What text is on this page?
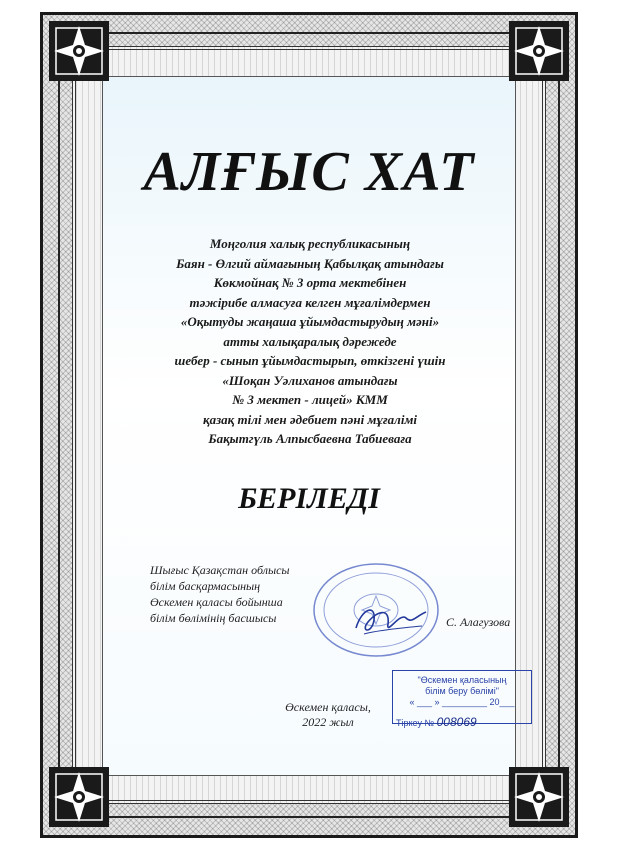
АЛҒЫС ХАТ
Моңголия халық республикасының
Баян - Өлгий аймағының Қабылқақ атындағы
Көкмойнақ № 3 орта мектебінен
тәжірибе алмасуға келген мұғалімдермен
«Оқытуды жаңаша ұйымдастырудың мәні»
атты халықаралық дәрежеде
шебер - сынып ұйымдастырып, өткізгені үшін
«Шоқан Уәлиханов атындағы
№ 3 мектеп - лицей» КММ
қазақ тілі мен әдебиет пәні мұғалімі
Бақытгүль Алпысбаевна Табиеваға
БЕРІЛЕДІ
Шығыс Қазақстан облысы
білім басқармасының
Өскемен қаласы бойынша
білім бөлімінің басшысы	С. Алагузова
Өскемен қаласы,
2022 жыл
"Өскемен қаласының
білім беру бөлімі"
« ___ » _________ 20___
Тіркеу № 008069
